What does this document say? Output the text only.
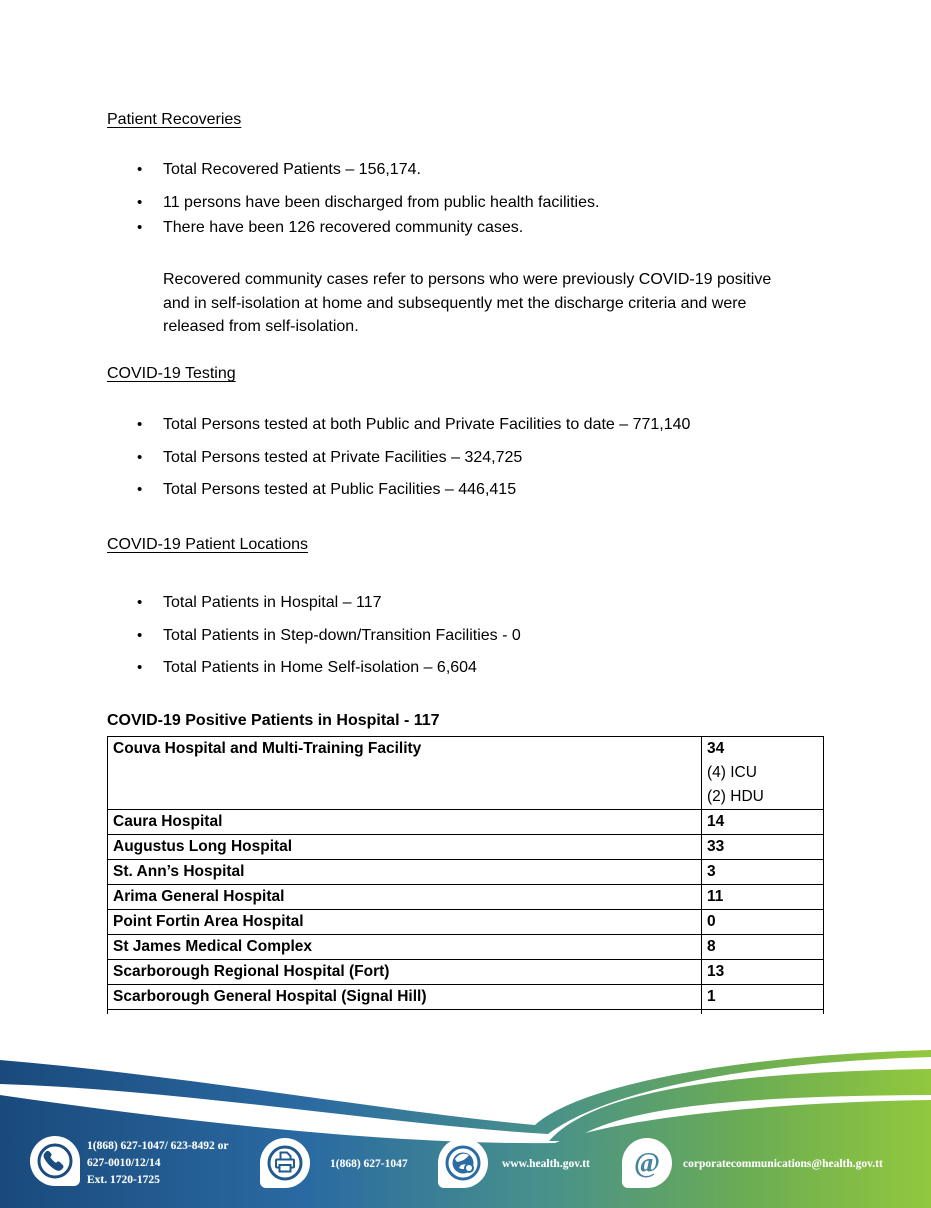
Patient Recoveries
• Total Recovered Patients – 156,174.
• 11 persons have been discharged from public health facilities.
• There have been 126 recovered community cases.
Recovered community cases refer to persons who were previously COVID-19 positive
and in self-isolation at home and subsequently met the discharge criteria and were
released from self-isolation.
COVID-19 Testing
• Total Persons tested at both Public and Private Facilities to date – 771,140
• Total Persons tested at Private Facilities – 324,725
• Total Persons tested at Public Facilities – 446,415
COVID-19 Patient Locations
• Total Patients in Hospital – 117
• Total Patients in Step-down/Transition Facilities - 0
• Total Patients in Home Self-isolation – 6,604
COVID-19 Positive Patients in Hospital - 117
Couva Hospital and Multi-Training Facility	34
(4) ICU
(2) HDU

Caura Hospital	14
Augustus Long Hospital	33
St. Ann’s Hospital	3
Arima General Hospital	11
Point Fortin Area Hospital	0
St James Medical Complex	8
Scarborough Regional Hospital (Fort)	13
Scarborough General Hospital (Signal Hill)	1

1(868) 627-1047/ 623-8492 or
627-0010/12/14
Ext. 1720-1725
1(868) 627-1047	www.health.gov.tt @ corporatecommunications@health.gov.tt
